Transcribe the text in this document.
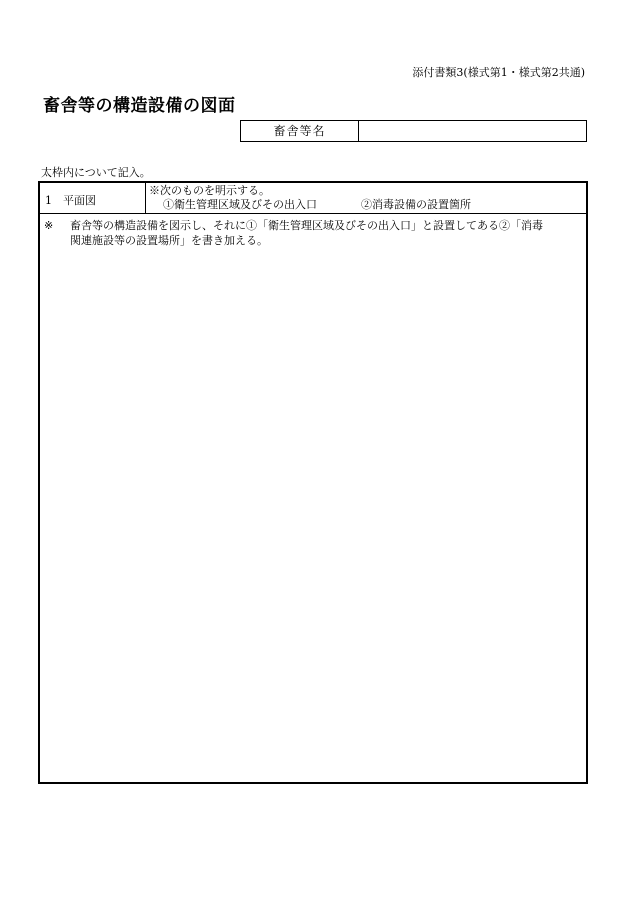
添付書類3(様式第1・様式第2共通)
畜舎等の構造設備の図面
畜舎等名
太枠内について記入。
1　平面図
※次のものを明示する。
①衛生管理区域及びその出入口	②消毒設備の設置箇所
※	畜舎等の構造設備を図示し、それに①「衛生管理区域及びその出入口」と設置してある②「消毒
関連施設等の設置場所」を書き加える。
